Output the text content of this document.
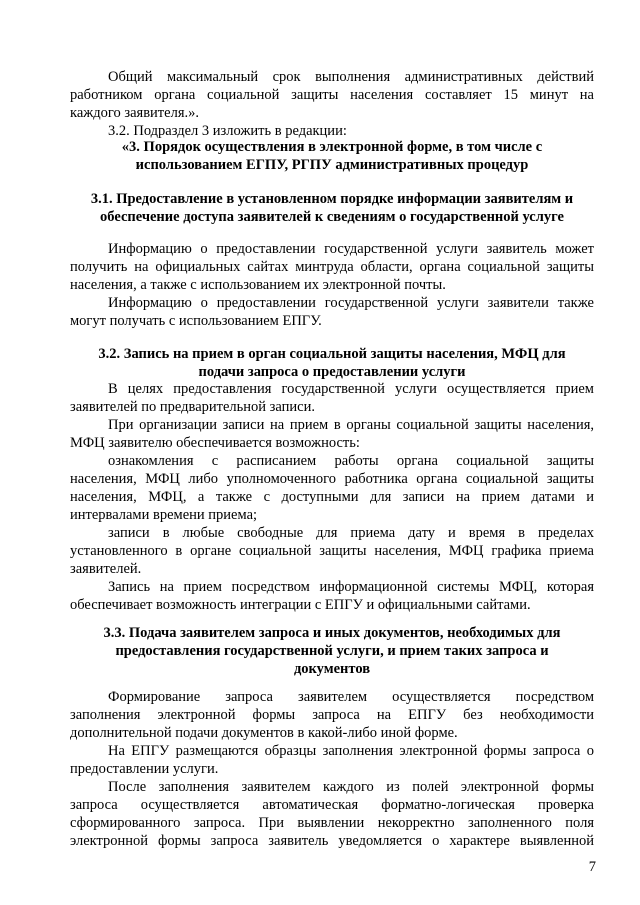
Общий максимальный срок выполнения административных действий
работником органа социальной защиты населения составляет 15 минут на
каждого заявителя.».
3.2. Подраздел 3 изложить в редакции:
«3. Порядок осуществления в электронной форме, в том числе с
использованием ЕГПУ, РГПУ административных процедур
3.1. Предоставление в установленном порядке информации заявителям и
обеспечение доступа заявителей к сведениям о государственной услуге
Информацию о предоставлении государственной услуги заявитель может
получить на официальных сайтах минтруда области, органа социальной защиты
населения, а также с использованием их электронной почты.
Информацию о предоставлении государственной услуги заявители также
могут получать с использованием ЕПГУ.
3.2. Запись на прием в орган социальной защиты населения, МФЦ для
подачи запроса о предоставлении услуги
В целях предоставления государственной услуги осуществляется прием
заявителей по предварительной записи.
При организации записи на прием в органы социальной защиты населения,
МФЦ заявителю обеспечивается возможность:
ознакомления с расписанием работы органа социальной защиты
населения, МФЦ либо уполномоченного работника органа социальной защиты
населения, МФЦ, а также с доступными для записи на прием датами и
интервалами времени приема;
записи в любые свободные для приема дату и время в пределах
установленного в органе социальной защиты населения, МФЦ графика приема
заявителей.
Запись на прием посредством информационной системы МФЦ, которая
обеспечивает возможность интеграции с ЕПГУ и официальными сайтами.
3.3. Подача заявителем запроса и иных документов, необходимых для
предоставления государственной услуги, и прием таких запроса и
документов
Формирование запроса заявителем осуществляется посредством
заполнения электронной формы запроса на ЕПГУ без необходимости
дополнительной подачи документов в какой-либо иной форме.
На ЕПГУ размещаются образцы заполнения электронной формы запроса о
предоставлении услуги.
После заполнения заявителем каждого из полей электронной формы
запроса осуществляется автоматическая форматно-логическая проверка
сформированного запроса. При выявлении некорректно заполненного поля
электронной формы запроса заявитель уведомляется о характере выявленной
7
